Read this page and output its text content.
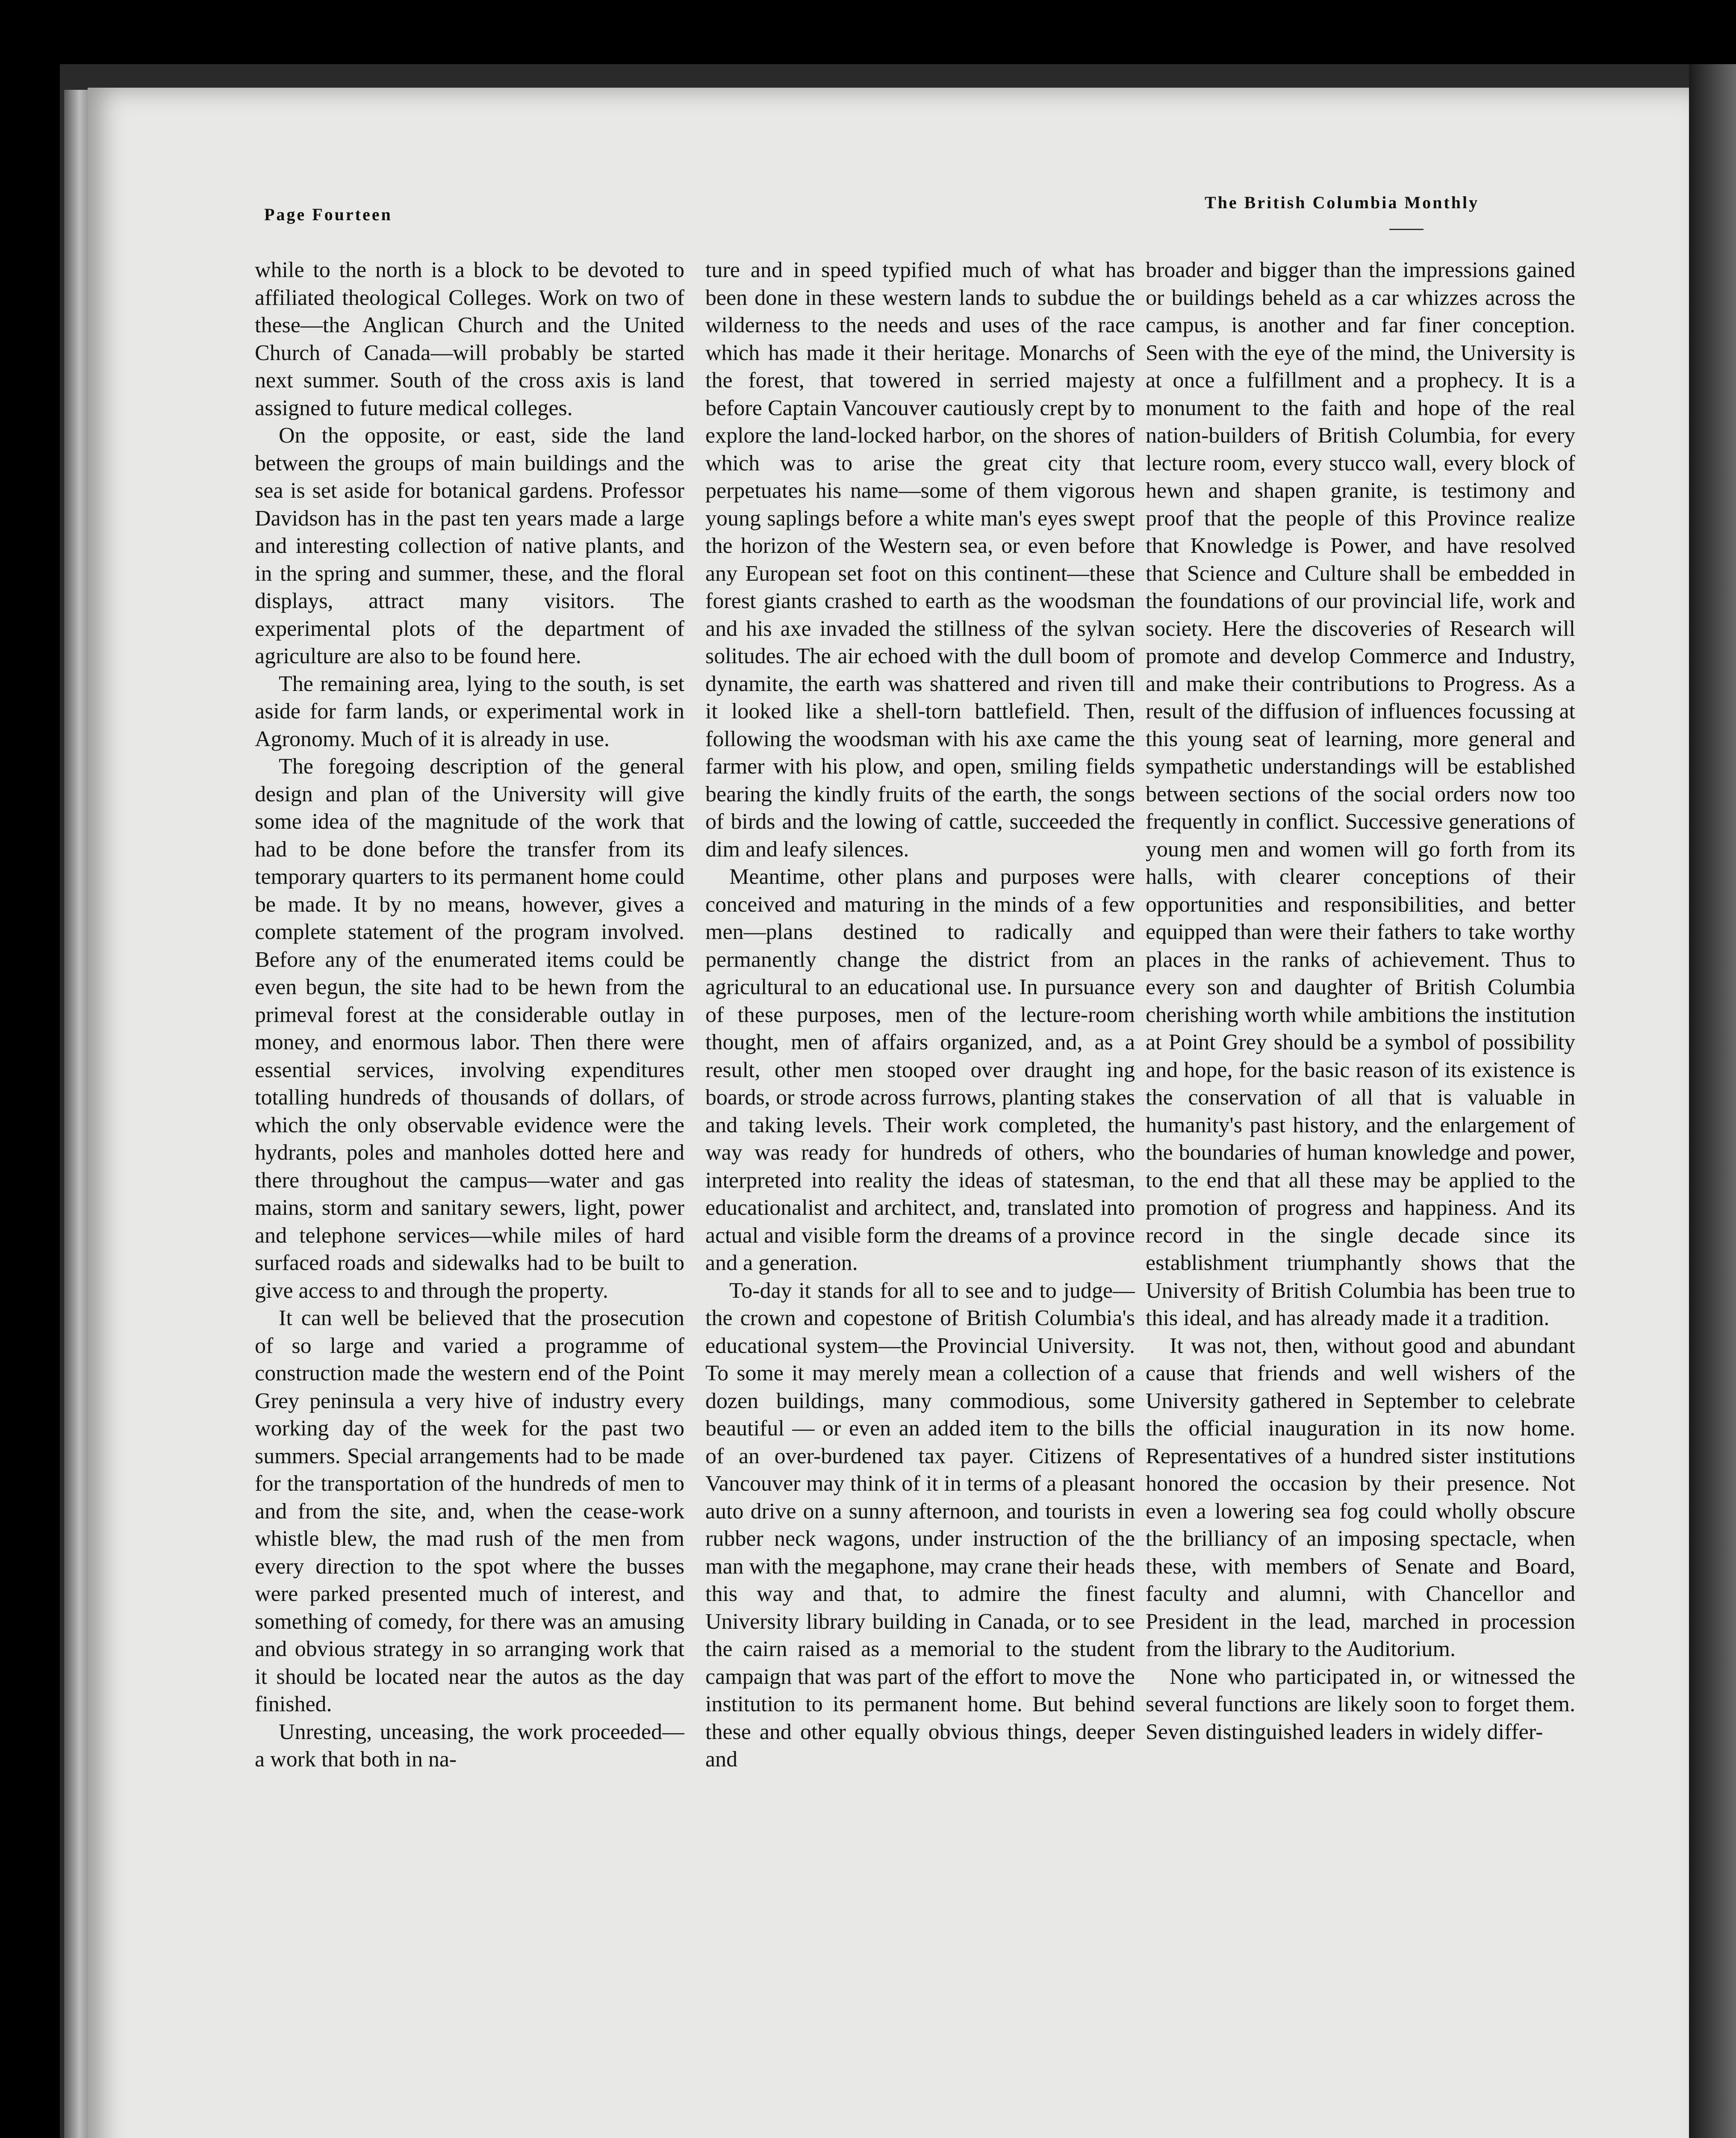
Page Fourteen
The British Columbia Monthly

while to the north is a block to be devoted to affiliated theological Colleges. Work on two of these—the Anglican Church and the United Church of Canada—will probably be started next summer. South of the cross axis is land assigned to future medical colleges.

On the opposite, or east, side the land between the groups of main buildings and the sea is set aside for botanical gardens. Professor Davidson has in the past ten years made a large and interesting collection of native plants, and in the spring and summer, these, and the floral displays, attract many visitors. The experimental plots of the department of agriculture are also to be found here.

The remaining area, lying to the south, is set aside for farm lands, or experimental work in Agronomy. Much of it is already in use.

The foregoing description of the general design and plan of the University will give some idea of the magnitude of the work that had to be done before the transfer from its temporary quarters to its permanent home could be made. It by no means, however, gives a complete statement of the program involved. Before any of the enumerated items could be even begun, the site had to be hewn from the primeval forest at the considerable outlay in money, and enormous labor. Then there were essential services, involving expenditures totalling hundreds of thousands of dollars, of which the only observable evidence were the hydrants, poles and manholes dotted here and there throughout the campus—water and gas mains, storm and sanitary sewers, light, power and telephone services—while miles of hard surfaced roads and sidewalks had to be built to give access to and through the property.

It can well be believed that the prosecution of so large and varied a programme of construction made the western end of the Point Grey peninsula a very hive of industry every working day of the week for the past two summers. Special arrangements had to be made for the transportation of the hundreds of men to and from the site, and, when the cease-work whistle blew, the mad rush of the men from every direction to the spot where the busses were parked presented much of interest, and something of comedy, for there was an amusing and obvious strategy in so arranging work that it should be located near the autos as the day finished.

Unresting, unceasing, the work proceeded—a work that both in na-

ture and in speed typified much of what has been done in these western lands to subdue the wilderness to the needs and uses of the race which has made it their heritage. Monarchs of the forest, that towered in serried majesty before Captain Vancouver cautiously crept by to explore the land-locked harbor, on the shores of which was to arise the great city that perpetuates his name—some of them vigorous young saplings before a white man's eyes swept the horizon of the Western sea, or even before any European set foot on this continent—these forest giants crashed to earth as the woodsman and his axe invaded the stillness of the sylvan solitudes. The air echoed with the dull boom of dynamite, the earth was shattered and riven till it looked like a shell-torn battlefield. Then, following the woodsman with his axe came the farmer with his plow, and open, smiling fields bearing the kindly fruits of the earth, the songs of birds and the lowing of cattle, succeeded the dim and leafy silences.

Meantime, other plans and purposes were conceived and maturing in the minds of a few men—plans destined to radically and permanently change the district from an agricultural to an educational use. In pursuance of these purposes, men of the lecture-room thought, men of affairs organized, and, as a result, other men stooped over draught ing boards, or strode across furrows, planting stakes and taking levels. Their work completed, the way was ready for hundreds of others, who interpreted into reality the ideas of statesman, educationalist and architect, and, translated into actual and visible form the dreams of a province and a generation.

To-day it stands for all to see and to judge—the crown and copestone of British Columbia's educational system—the Provincial University. To some it may merely mean a collection of a dozen buildings, many commodious, some beautiful — or even an added item to the bills of an over-burdened tax payer. Citizens of Vancouver may think of it in terms of a pleasant auto drive on a sunny afternoon, and tourists in rubber neck wagons, under instruction of the man with the megaphone, may crane their heads this way and that, to admire the finest University library building in Canada, or to see the cairn raised as a memorial to the student campaign that was part of the effort to move the institution to its permanent home. But behind these and other equally obvious things, deeper and

broader and bigger than the impressions gained or buildings beheld as a car whizzes across the campus, is another and far finer conception. Seen with the eye of the mind, the University is at once a fulfillment and a prophecy. It is a monument to the faith and hope of the real nation-builders of British Columbia, for every lecture room, every stucco wall, every block of hewn and shapen granite, is testimony and proof that the people of this Province realize that Knowledge is Power, and have resolved that Science and Culture shall be embedded in the foundations of our provincial life, work and society. Here the discoveries of Research will promote and develop Commerce and Industry, and make their contributions to Progress. As a result of the diffusion of influences focussing at this young seat of learning, more general and sympathetic understandings will be established between sections of the social orders now too frequently in conflict. Successive generations of young men and women will go forth from its halls, with clearer conceptions of their opportunities and responsibilities, and better equipped than were their fathers to take worthy places in the ranks of achievement. Thus to every son and daughter of British Columbia cherishing worth while ambitions the institution at Point Grey should be a symbol of possibility and hope, for the basic reason of its existence is the conservation of all that is valuable in humanity's past history, and the enlargement of the boundaries of human knowledge and power, to the end that all these may be applied to the promotion of progress and happiness. And its record in the single decade since its establishment triumphantly shows that the University of British Columbia has been true to this ideal, and has already made it a tradition.

It was not, then, without good and abundant cause that friends and well wishers of the University gathered in September to celebrate the official inauguration in its now home. Representatives of a hundred sister institutions honored the occasion by their presence. Not even a lowering sea fog could wholly obscure the brilliancy of an imposing spectacle, when these, with members of Senate and Board, faculty and alumni, with Chancellor and President in the lead, marched in procession from the library to the Auditorium.

None who participated in, or witnessed the several functions are likely soon to forget them. Seven distinguished leaders in widely differ-
